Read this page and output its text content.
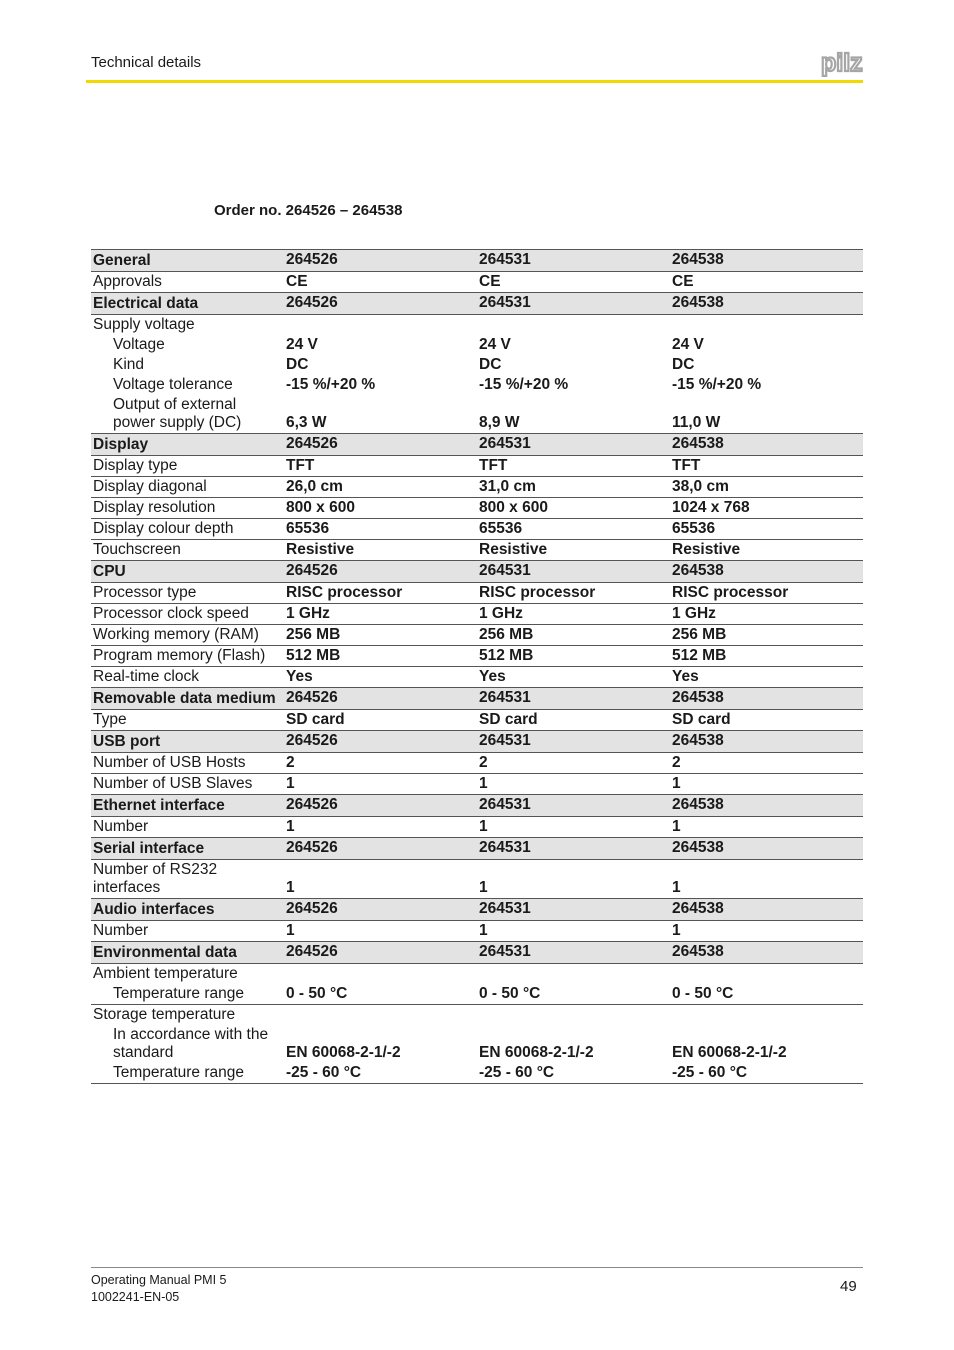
Technical details	pilz
Order no. 264526 – 264538
General	264526	264531	264538
Approvals	CE	CE	CE
Electrical data	264526	264531	264538
Supply voltage			
Voltage	24 V	24 V	24 V
Kind	DC	DC	DC
Voltage tolerance	-15 %/+20 %	-15 %/+20 %	-15 %/+20 %
Output of external power supply (DC)	6,3 W	8,9 W	11,0 W
Display	264526	264531	264538
Display type	TFT	TFT	TFT
Display diagonal	26,0 cm	31,0 cm	38,0 cm
Display resolution	800 x 600	800 x 600	1024 x 768
Display colour depth	65536	65536	65536
Touchscreen	Resistive	Resistive	Resistive
CPU	264526	264531	264538
Processor type	RISC processor	RISC processor	RISC processor
Processor clock speed	1 GHz	1 GHz	1 GHz
Working memory (RAM)	256 MB	256 MB	256 MB
Program memory (Flash)	512 MB	512 MB	512 MB
Real-time clock	Yes	Yes	Yes
Removable data medium	264526	264531	264538
Type	SD card	SD card	SD card
USB port	264526	264531	264538
Number of USB Hosts	2	2	2
Number of USB Slaves	1	1	1
Ethernet interface	264526	264531	264538
Number	1	1	1
Serial interface	264526	264531	264538
Number of RS232 interfaces	1	1	1
Audio interfaces	264526	264531	264538
Number	1	1	1
Environmental data	264526	264531	264538
Ambient temperature			
Temperature range	0 - 50 °C	0 - 50 °C	0 - 50 °C
Storage temperature			
In accordance with the standard	EN 60068-2-1/-2	EN 60068-2-1/-2	EN 60068-2-1/-2
Temperature range	-25 - 60 °C	-25 - 60 °C	-25 - 60 °C
Operating Manual PMI 5
1002241-EN-05
49
